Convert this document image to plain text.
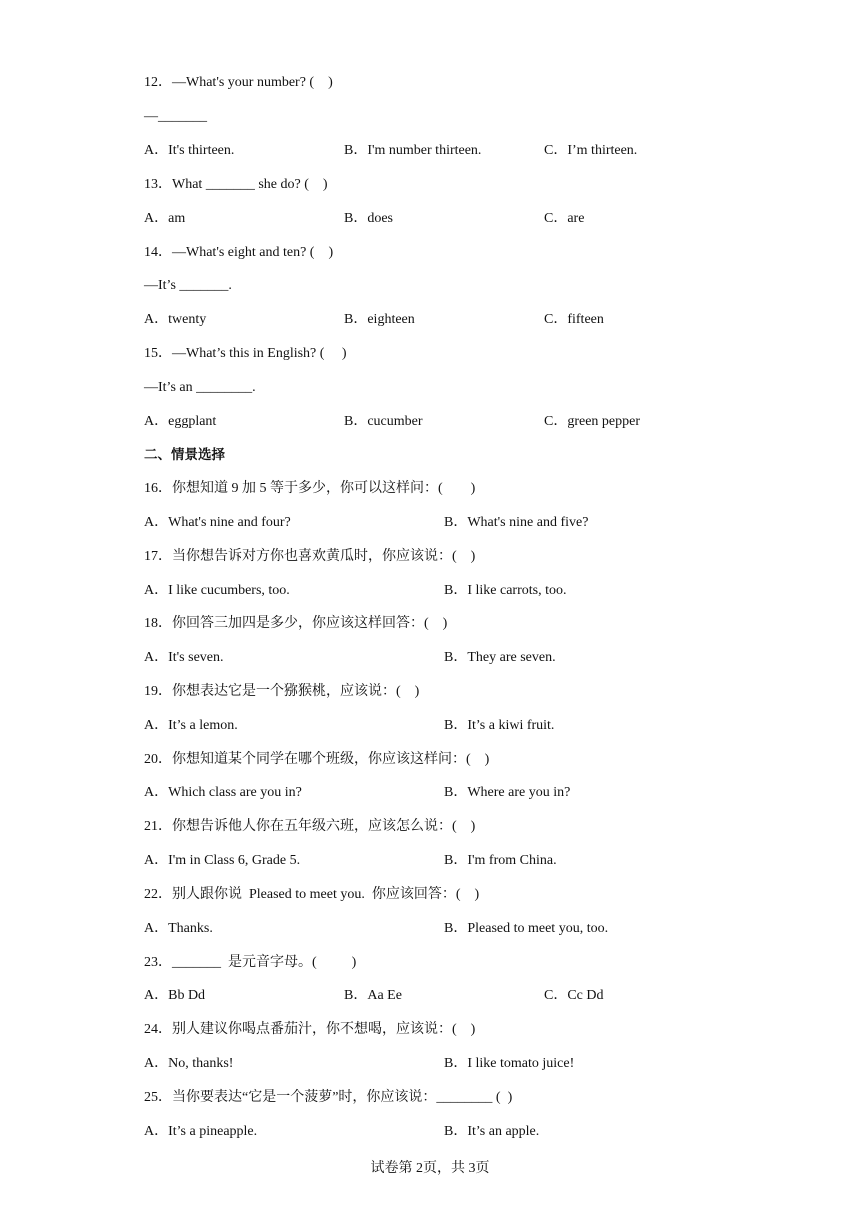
12．—What's your number? (    )
—_______
A．It's thirteen.	B．I'm number thirteen.	C．I’m thirteen.
13．What _______ she do? (    )
A．am	B．does	C．are
14．—What's eight and ten? (    )
—It’s _______.
A．twenty	B．eighteen	C．fifteen
15．—What’s this in English? (     )
—It’s an ________.
A．eggplant	B．cucumber	C．green pepper
二、情景选择
16．你想知道 9 加 5 等于多少，你可以这样问：(        )
A．What's nine and four?	B．What's nine and five?
17．当你想告诉对方你也喜欢黄瓜时，你应该说：(    )
A．I like cucumbers, too.	B．I like carrots, too.
18．你回答三加四是多少，你应该这样回答：(    )
A．It's seven.	B．They are seven.
19．你想表达它是一个猕猴桃，应该说：(    )
A．It’s a lemon.	B．It’s a kiwi fruit.
20．你想知道某个同学在哪个班级，你应该这样问：(    )
A．Which class are you in?	B．Where are you in?
21．你想告诉他人你在五年级六班，应该怎么说：(    )
A．I'm in Class 6, Grade 5.	B．I'm from China.
22．别人跟你说  Pleased to meet you.  你应该回答：(    )
A．Thanks.	B．Pleased to meet you, too.
23．_______  是元音字母。(          )
A．Bb Dd	B．Aa Ee	C．Cc Dd
24．别人建议你喝点番茄汁，你不想喝，应该说：(    )
A．No, thanks!	B．I like tomato juice!
25．当你要表达“它是一个菠萝”时，你应该说：________ (  )
A．It’s a pineapple.	B．It’s an apple.
试卷第 2页，共 3页
